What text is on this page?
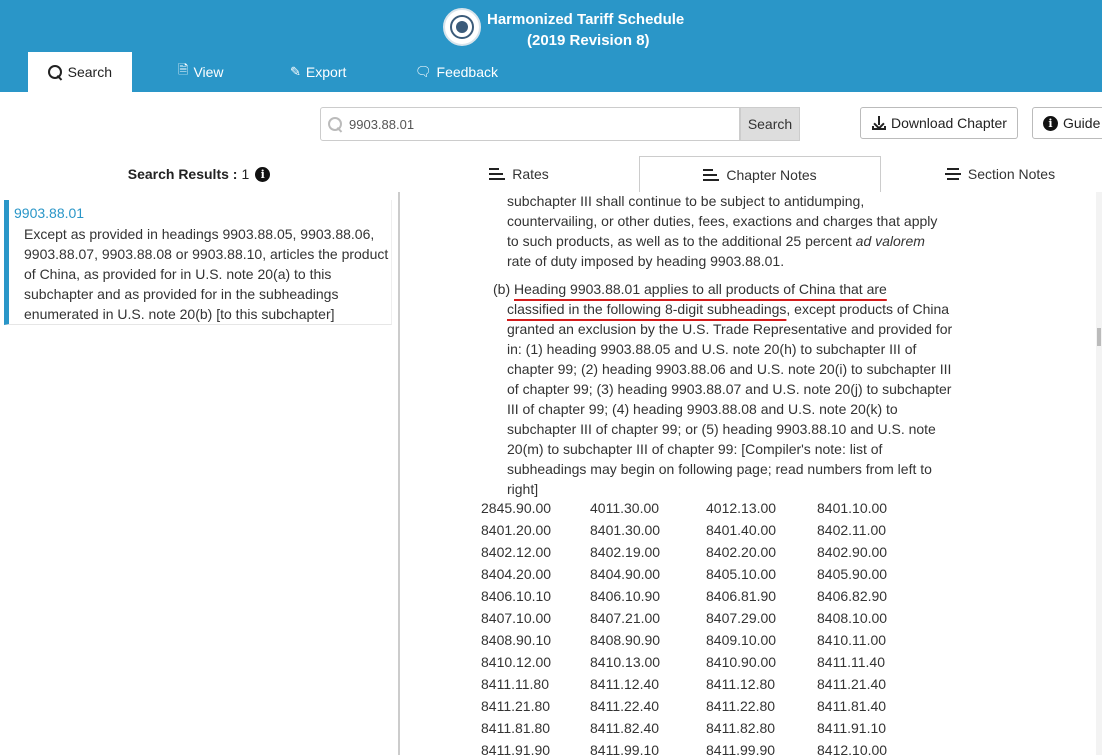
Harmonized Tariff Schedule
(2019 Revision 8)
Search	🗎 View	✎ Export	🗨 Feedback
9903.88.01
Search	Download Chapter	i Guide
Search Results : 1	i	Rates	Chapter Notes	Section Notes
9903.88.01
Except as provided in headings 9903.88.05, 9903.88.06, 9903.88.07, 9903.88.08 or 9903.88.10, articles the product of China, as provided for in U.S. note 20(a) to this subchapter and as provided for in the subheadings enumerated in U.S. note 20(b) [to this subchapter]
subchapter III shall continue to be subject to antidumping,
countervailing, or other duties, fees, exactions and charges that apply
to such products, as well as to the additional 25 percent ad valorem
rate of duty imposed by heading 9903.88.01.
(b) Heading 9903.88.01 applies to all products of China that are
classified in the following 8-digit subheadings, except products of China granted an exclusion by the U.S. Trade Representative and provided for in: (1) heading 9903.88.05 and U.S. note 20(h) to subchapter III of chapter 99; (2) heading 9903.88.06 and U.S. note 20(i) to subchapter III of chapter 99; (3) heading 9903.88.07 and U.S. note 20(j) to subchapter III of chapter 99; (4) heading 9903.88.08 and U.S. note 20(k) to subchapter III of chapter 99; or (5) heading 9903.88.10 and U.S. note 20(m) to subchapter III of chapter 99: [Compiler's note: list of subheadings may begin on following page; read numbers from left to right]
2845.90.00	4011.30.00	4012.13.00	8401.10.00
8401.20.00	8401.30.00	8401.40.00	8402.11.00
8402.12.00	8402.19.00	8402.20.00	8402.90.00
8404.20.00	8404.90.00	8405.10.00	8405.90.00
8406.10.10	8406.10.90	8406.81.90	8406.82.90
8407.10.00	8407.21.00	8407.29.00	8408.10.00
8408.90.10	8408.90.90	8409.10.00	8410.11.00
8410.12.00	8410.13.00	8410.90.00	8411.11.40
8411.11.80	8411.12.40	8411.12.80	8411.21.40
8411.21.80	8411.22.40	8411.22.80	8411.81.40
8411.81.80	8411.82.40	8411.82.80	8411.91.10
8411.91.90	8411.99.10	8411.99.90	8412.10.00
